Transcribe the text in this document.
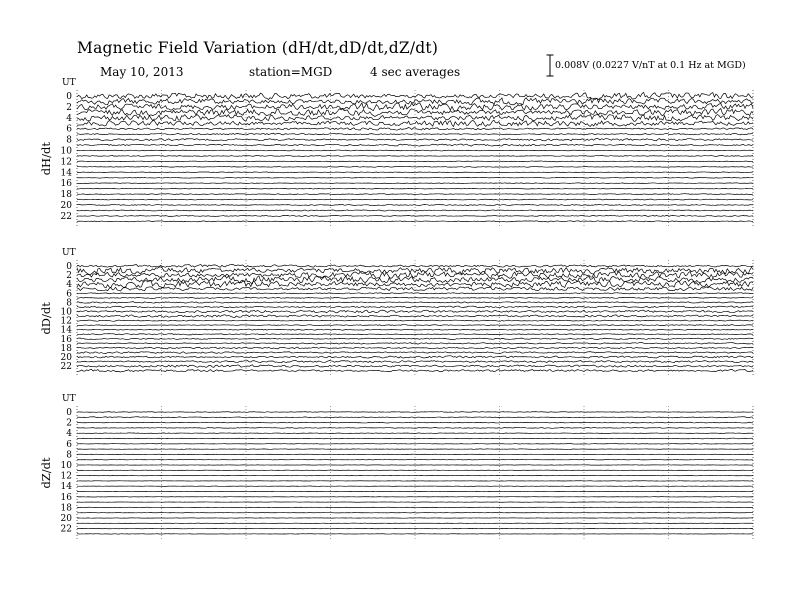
Magnetic Field Variation (dH/dt,dD/dt,dZ/dt)
May 10, 2013	station=MGD	4 sec averages	0.008V (0.0227 V/nT at 0.1 Hz at MGD)
UT
0
2
4
6
8
10
12
14
16
18
20
22
dH/dt
UT
0
2
4
6
8
10
12
14
16
18
20
22
dD/dt
UT
0
2
4
6
8
10
12
14
16
18
20
22
dZ/dt
